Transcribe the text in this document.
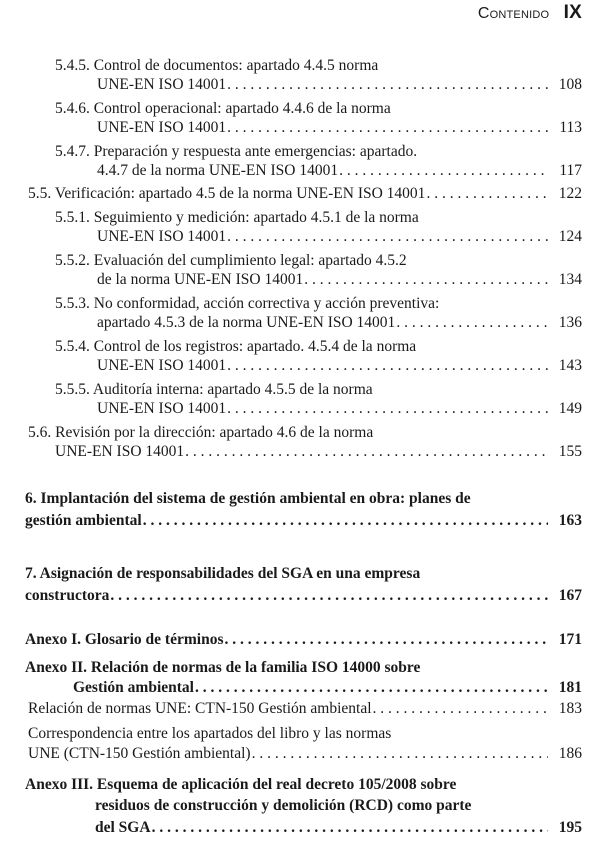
Contenido IX
5.4.5. Control de documentos: apartado 4.4.5 norma
UNE-EN ISO 14001 . . .	108
5.4.6. Control operacional: apartado 4.4.6 de la norma
UNE-EN ISO 14001 . . .	113
5.4.7. Preparación y respuesta ante emergencias: apartado.
4.4.7 de la norma UNE-EN ISO 14001 . . .	117
5.5. Verificación: apartado 4.5 de la norma UNE-EN ISO 14001 . . .	122
5.5.1. Seguimiento y medición: apartado 4.5.1 de la norma
UNE-EN ISO 14001 . . .	124
5.5.2. Evaluación del cumplimiento legal: apartado 4.5.2
de la norma UNE-EN ISO 14001 . . .	134
5.5.3. No conformidad, acción correctiva y acción preventiva:
apartado 4.5.3 de la norma UNE-EN ISO 14001 . . .	136
5.5.4. Control de los registros: apartado. 4.5.4 de la norma
UNE-EN ISO 14001 . . .	143
5.5.5. Auditoría interna: apartado 4.5.5 de la norma
UNE-EN ISO 14001 . . .	149
5.6. Revisión por la dirección: apartado 4.6 de la norma
UNE-EN ISO 14001 . . .	155
6. Implantación del sistema de gestión ambiental en obra: planes de
gestión ambiental . . .	163
7. Asignación de responsabilidades del SGA en una empresa
constructora . . .	167
Anexo I. Glosario de términos . . .	171
Anexo II. Relación de normas de la familia ISO 14000 sobre
Gestión ambiental . . .	181
Relación de normas UNE: CTN-150 Gestión ambiental . . .	183
Correspondencia entre los apartados del libro y las normas
UNE (CTN-150 Gestión ambiental) . . .	186
Anexo III. Esquema de aplicación del real decreto 105/2008 sobre
residuos de construcción y demolición (RCD) como parte
del SGA . . .	195
